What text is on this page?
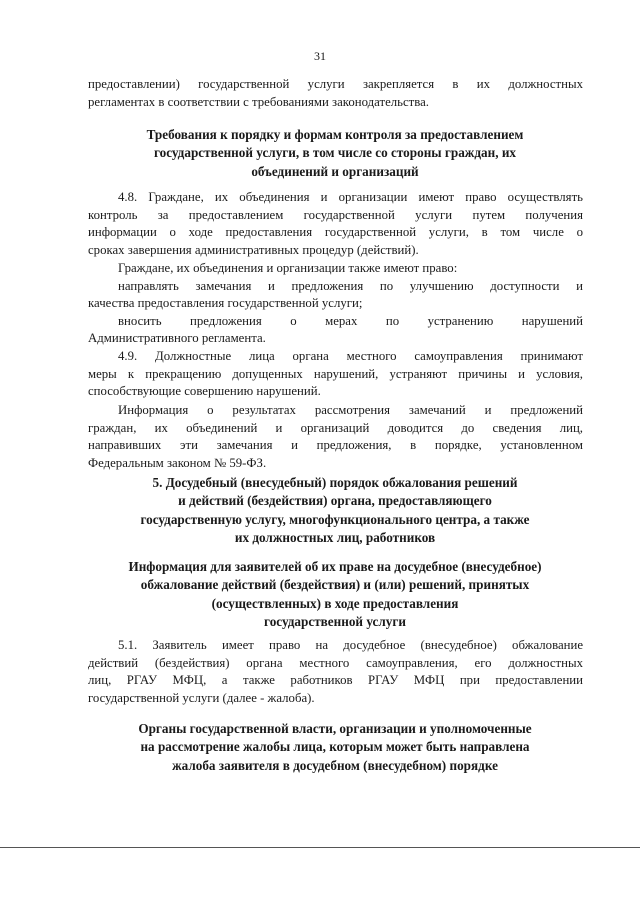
31
предоставлении) государственной услуги закрепляется в их должностных
регламентах в соответствии с требованиями законодательства.
Требования к порядку и формам контроля за предоставлением
государственной услуги, в том числе со стороны граждан, их
объединений и организаций
4.8. Граждане, их объединения и организации имеют право осуществлять
контроль за предоставлением государственной услуги путем получения
информации о ходе предоставления государственной услуги, в том числе о
сроках завершения административных процедур (действий).
Граждане, их объединения и организации также имеют право:
направлять замечания и предложения по улучшению доступности и
качества предоставления государственной услуги;
вносить предложения о мерах по устранению нарушений
Административного регламента.
4.9. Должностные лица органа местного самоуправления принимают
меры к прекращению допущенных нарушений, устраняют причины и условия,
способствующие совершению нарушений.
Информация о результатах рассмотрения замечаний и предложений
граждан, их объединений и организаций доводится до сведения лиц,
направивших эти замечания и предложения, в порядке, установленном
Федеральным законом № 59-ФЗ.
5. Досудебный (внесудебный) порядок обжалования решений
и действий (бездействия) органа, предоставляющего
государственную услугу, многофункционального центра, а также
их должностных лиц, работников
Информация для заявителей об их праве на досудебное (внесудебное)
обжалование действий (бездействия) и (или) решений, принятых
(осуществленных) в ходе предоставления
государственной услуги
5.1. Заявитель имеет право на досудебное (внесудебное) обжалование
действий (бездействия) органа местного самоуправления, его должностных
лиц, РГАУ МФЦ, а также работников РГАУ МФЦ при предоставлении
государственной услуги (далее - жалоба).
Органы государственной власти, организации и уполномоченные
на рассмотрение жалобы лица, которым может быть направлена
жалоба заявителя в досудебном (внесудебном) порядке
